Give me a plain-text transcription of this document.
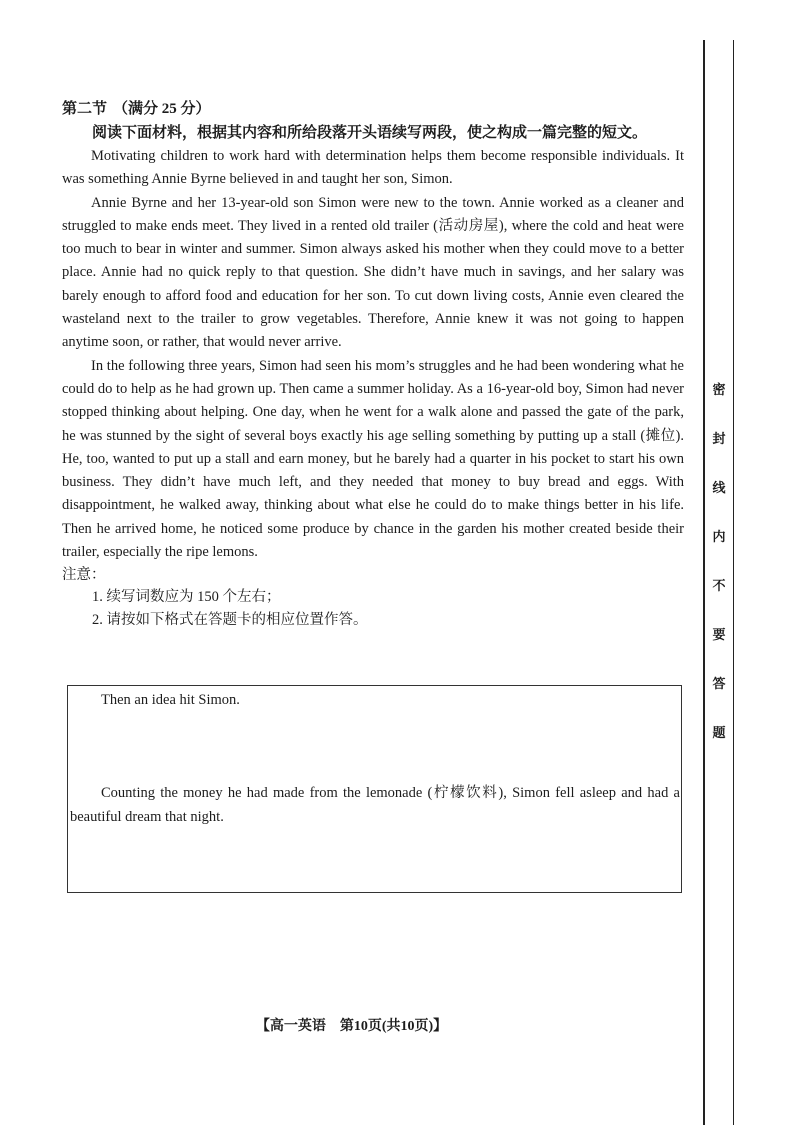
第二节 （满分 25 分）

阅读下面材料，根据其内容和所给段落开头语续写两段，使之构成一篇完整的短文。

Motivating children to work hard with determination helps them become responsible individuals. It was something Annie Byrne believed in and taught her son, Simon.

Annie Byrne and her 13-year-old son Simon were new to the town. Annie worked as a cleaner and struggled to make ends meet. They lived in a rented old trailer (活动房屋), where the cold and heat were too much to bear in winter and summer. Simon always asked his mother when they could move to a better place. Annie had no quick reply to that question. She didn’t have much in savings, and her salary was barely enough to afford food and education for her son. To cut down living costs, Annie even cleared the wasteland next to the trailer to grow vegetables. Therefore, Annie knew it was not going to happen anytime soon, or rather, that would never arrive.

In the following three years, Simon had seen his mom’s struggles and he had been wondering what he could do to help as he had grown up. Then came a summer holiday. As a 16-year-old boy, Simon had never stopped thinking about helping. One day, when he went for a walk alone and passed the gate of the park, he was stunned by the sight of several boys exactly his age selling something by putting up a stall (摊位). He, too, wanted to put up a stall and earn money, but he barely had a quarter in his pocket to start his own business. They didn’t have much left, and they needed that money to buy bread and eggs. With disappointment, he walked away, thinking about what else he could do to make things better in his life. Then he arrived home, he noticed some produce by chance in the garden his mother created beside their trailer, especially the ripe lemons.

注意：

1. 续写词数应为 150 个左右；

2. 请按如下格式在答题卡的相应位置作答。

Then an idea hit Simon.
Counting the money he had made from the lemonade (柠檬饮料), Simon fell asleep and had a beautiful dream that night.
密
封
线
内
不
要
答
题
【高一英语　第10页(共10页)】
